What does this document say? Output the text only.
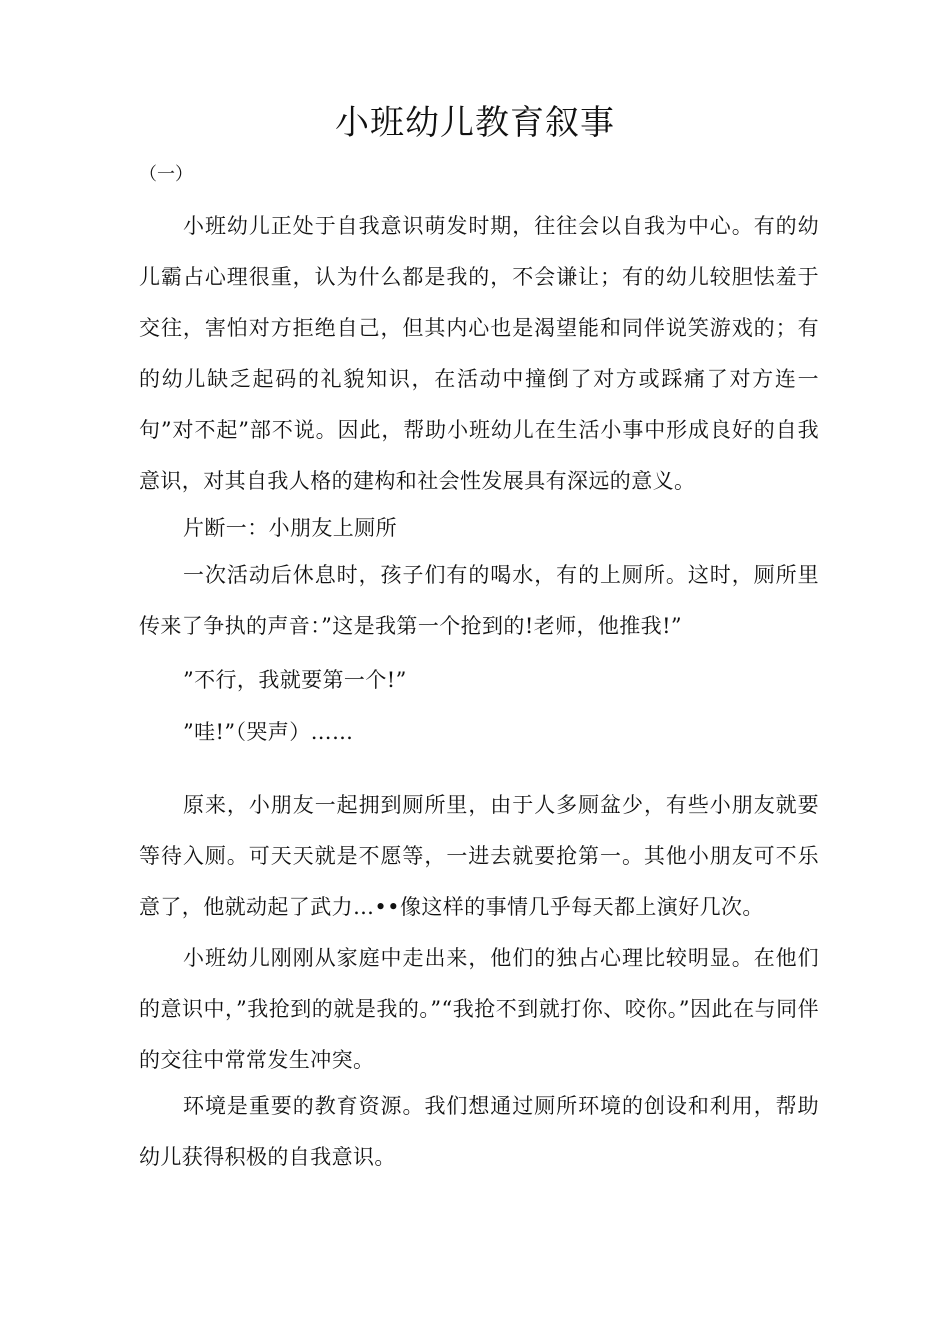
小班幼儿教育叙事

（一）

小班幼儿正处于自我意识萌发时期，往往会以自我为中心。有的幼儿霸占心理很重，认为什么都是我的，不会谦让；有的幼儿较胆怯羞于交往，害怕对方拒绝自己，但其内心也是渴望能和同伴说笑游戏的；有的幼儿缺乏起码的礼貌知识，在活动中撞倒了对方或踩痛了对方连一句”对不起”部不说。因此，帮助小班幼儿在生活小事中形成良好的自我意识，对其自我人格的建构和社会性发展具有深远的意义。

片断一：小朋友上厕所

一次活动后休息时，孩子们有的喝水，有的上厕所。这时，厕所里传来了争执的声音：”这是我第一个抢到的!老师，他推我!”

”不行，我就要第一个!”

”哇!”（哭声）……

原来，小朋友一起拥到厕所里，由于人多厕盆少，有些小朋友就要等待入厕。可天天就是不愿等，一进去就要抢第一。其他小朋友可不乐意了，他就动起了武力…••像这样的事情几乎每天都上演好几次。

小班幼儿刚刚从家庭中走出来，他们的独占心理比较明显。在他们的意识中，”我抢到的就是我的。”“我抢不到就打你、咬你。”因此在与同伴的交往中常常发生冲突。

环境是重要的教育资源。我们想通过厕所环境的创设和利用，帮助幼儿获得积极的自我意识。
